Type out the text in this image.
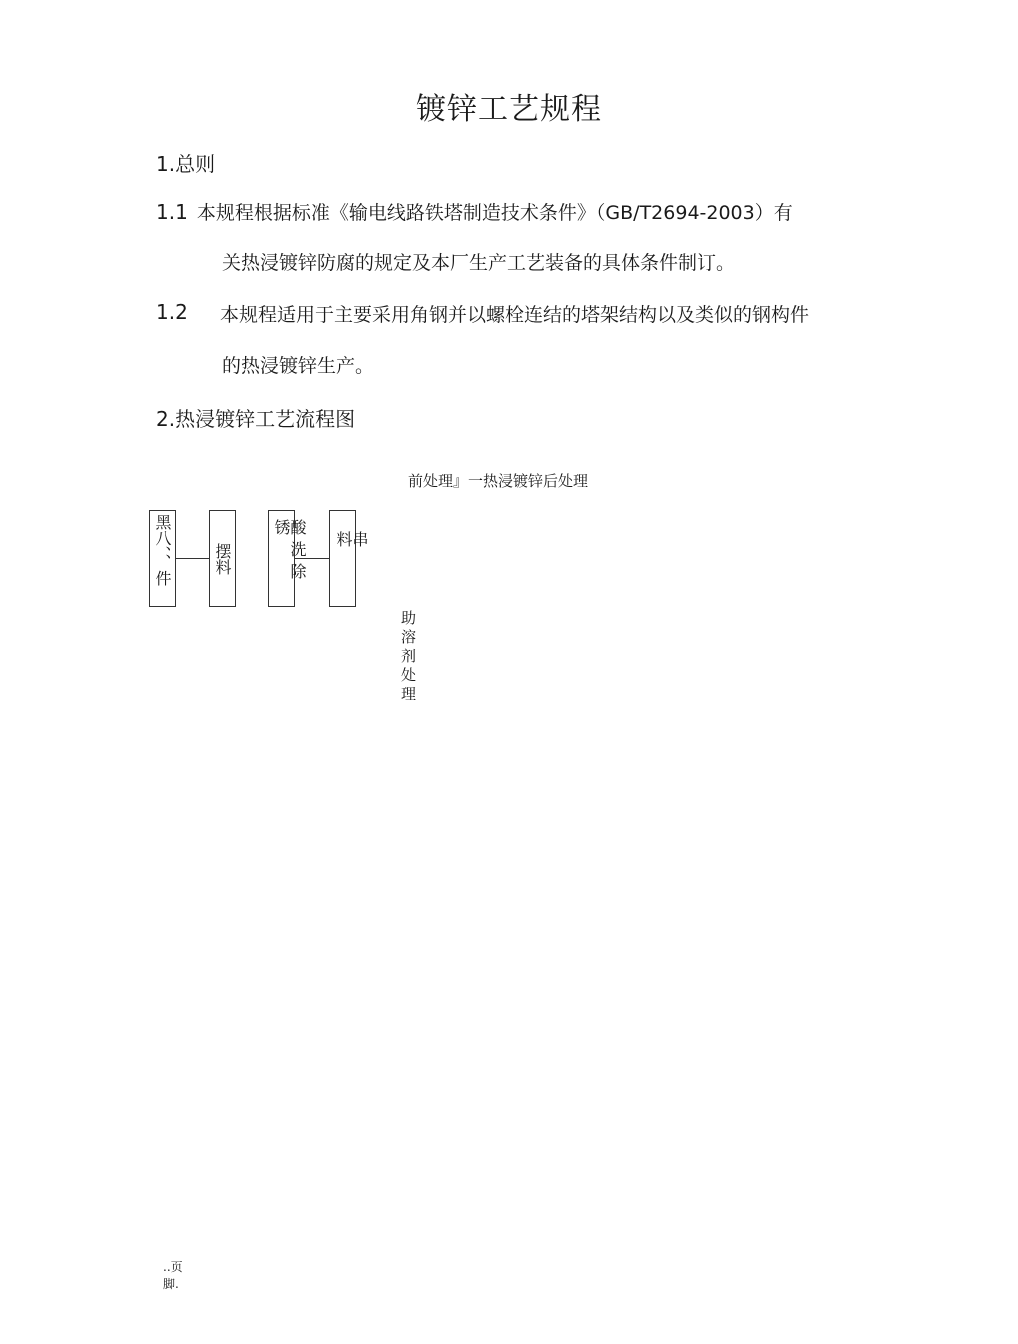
镀锌工艺规程
1.总则
1.1 本规程根据标准《输电线路铁塔制造技术条件》（GB/T2694-2003）有
关热浸镀锌防腐的规定及本厂生产工艺装备的具体条件制订。
1.2 本规程适用于主要采用角钢并以螺栓连结的塔架结构以及类似的钢构件
的热浸镀锌生产。
2.热浸镀锌工艺流程图
前处理』一热浸镀锌后处理
黑八、、件	摆料	酸洗除锈
串料
助溶剂处理
..页
脚.
